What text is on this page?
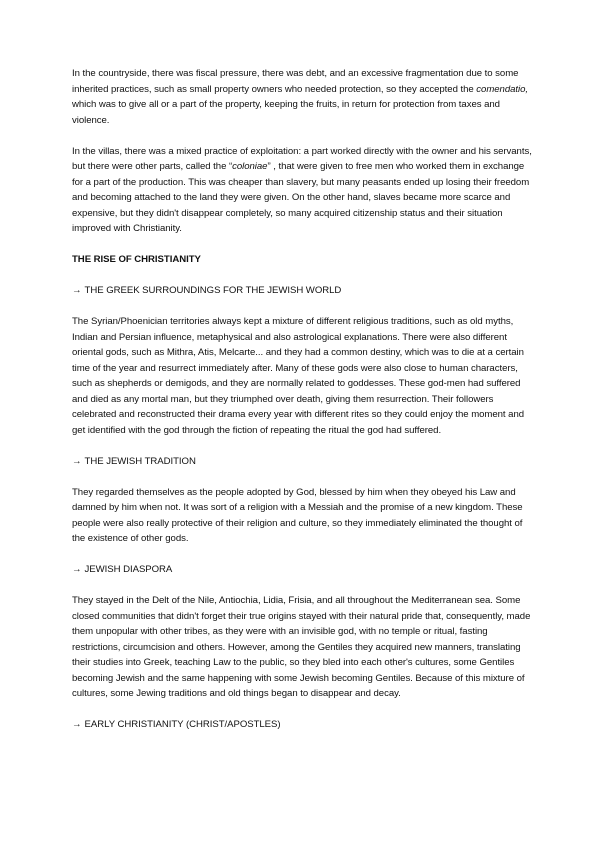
In the countryside, there was fiscal pressure, there was debt, and an excessive fragmentation due to some inherited practices, such as small property owners who needed protection, so they accepted the comendatio, which was to give all or a part of the property, keeping the fruits, in return for protection from taxes and violence.

In the villas, there was a mixed practice of exploitation: a part worked directly with the owner and his servants, but there were other parts, called the “coloniae” , that were given to free men who worked them in exchange for a part of the production. This was cheaper than slavery, but many peasants ended up losing their freedom and becoming attached to the land they were given. On the other hand, slaves became more scarce and expensive, but they didn't disappear completely, so many acquired citizenship status and their situation improved with Christianity.

THE RISE OF CHRISTIANITY

→ THE GREEK SURROUNDINGS FOR THE JEWISH WORLD

The Syrian/Phoenician territories always kept a mixture of different religious traditions, such as old myths, Indian and Persian influence, metaphysical and also astrological explanations. There were also different oriental gods, such as Mithra, Atis, Melcarte... and they had a common destiny, which was to die at a certain time of the year and resurrect immediately after. Many of these gods were also close to human characters, such as shepherds or demigods, and they are normally related to goddesses. These god-men had suffered and died as any mortal man, but they triumphed over death, giving them resurrection. Their followers celebrated and reconstructed their drama every year with different rites so they could enjoy the moment and get identified with the god through the fiction of repeating the ritual the god had suffered.

→ THE JEWISH TRADITION

They regarded themselves as the people adopted by God, blessed by him when they obeyed his Law and damned by him when not. It was sort of a religion with a Messiah and the promise of a new kingdom. These people were also really protective of their religion and culture, so they immediately eliminated the thought of the existence of other gods.

→ JEWISH DIASPORA

They stayed in the Delt of the Nile, Antiochia, Lidia, Frisia, and all throughout the Mediterranean sea. Some closed communities that didn't forget their true origins stayed with their natural pride that, consequently, made them unpopular with other tribes, as they were with an invisible god, with no temple or ritual, fasting restrictions, circumcision and others. However, among the Gentiles they acquired new manners, translating their studies into Greek, teaching Law to the public, so they bled into each other's cultures, some Gentiles becoming Jewish and the same happening with some Jewish becoming Gentiles. Because of this mixture of cultures, some Jewing traditions and old things began to disappear and decay.

→ EARLY CHRISTIANITY (CHRIST/APOSTLES)
